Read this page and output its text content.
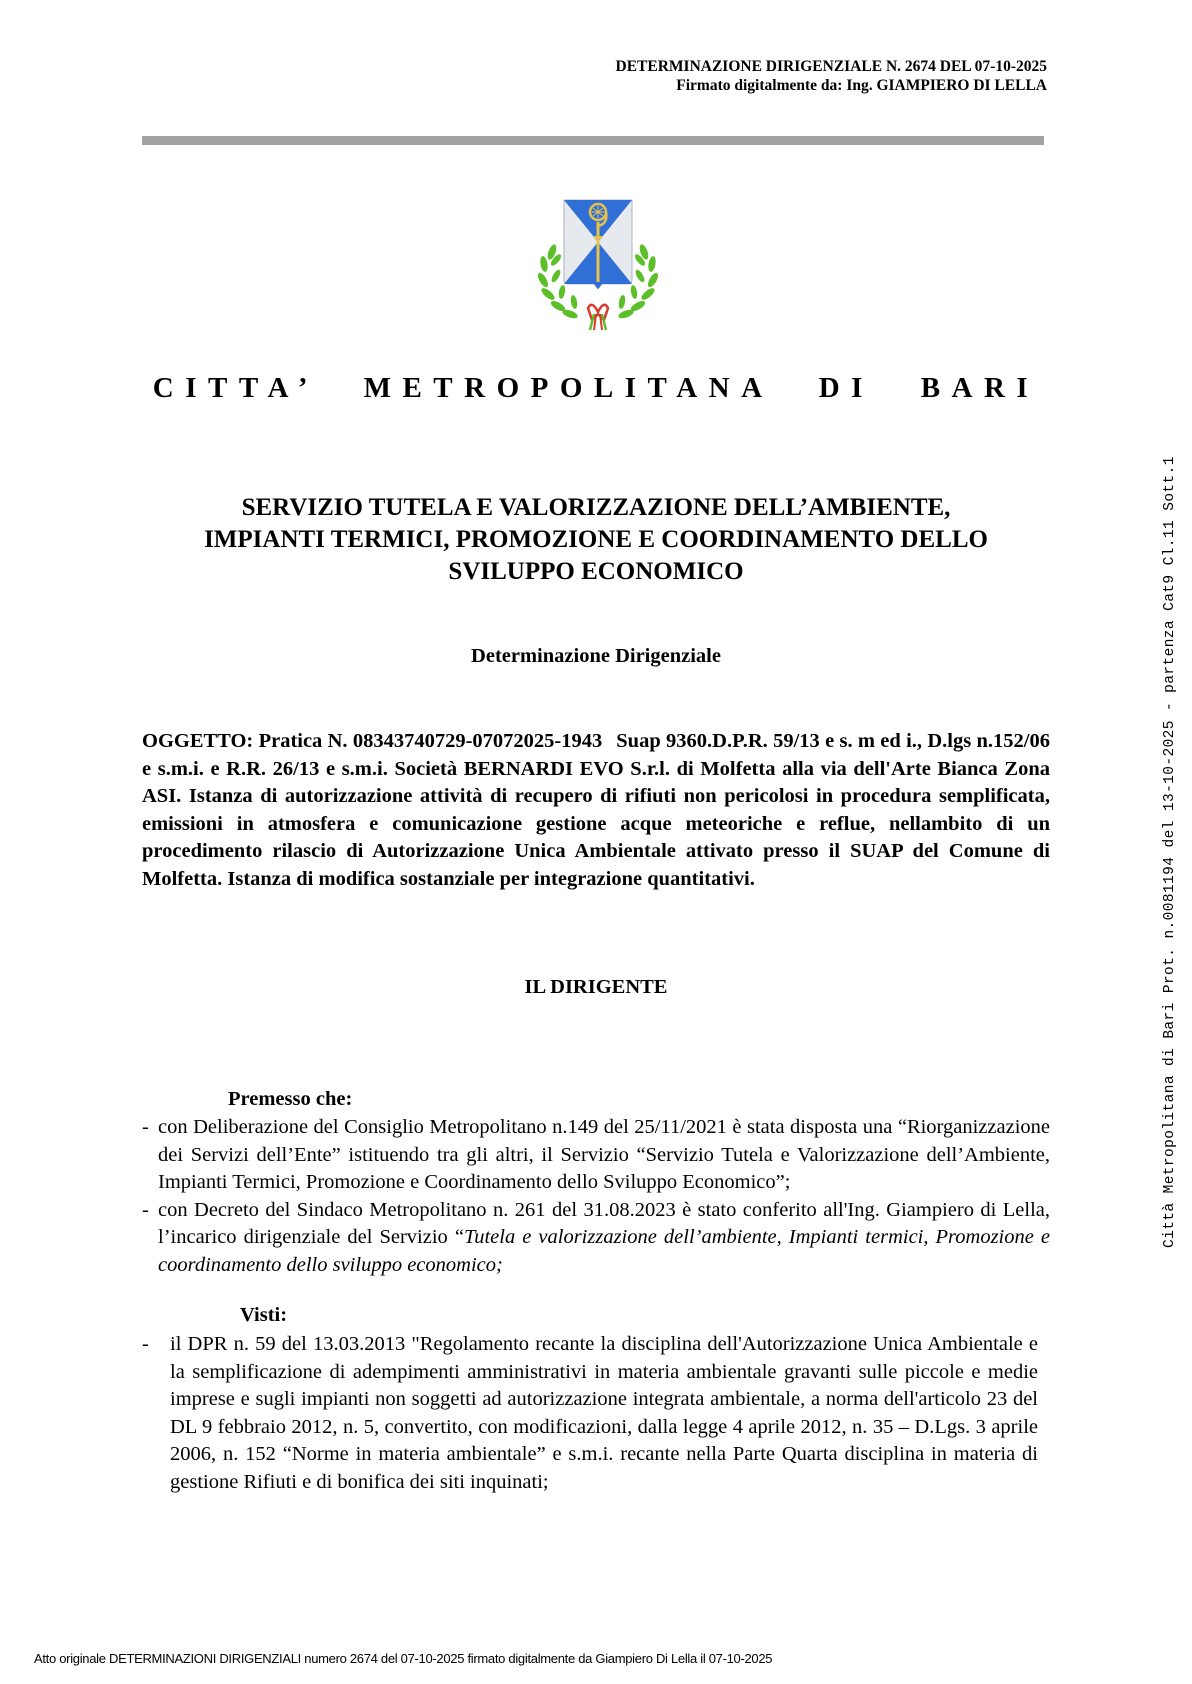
DETERMINAZIONE DIRIGENZIALE N. 2674 DEL 07-10-2025
Firmato digitalmente da: Ing. GIAMPIERO DI LELLA
CITTA’ METROPOLITANA DI BARI
SERVIZIO TUTELA E VALORIZZAZIONE DELL’AMBIENTE,
IMPIANTI TERMICI, PROMOZIONE E COORDINAMENTO DELLO
SVILUPPO ECONOMICO
Determinazione Dirigenziale
OGGETTO: Pratica N. 08343740729-07072025-1943 Suap 9360.D.P.R. 59/13 e s. m ed i., D.lgs n.152/06 e s.m.i. e R.R. 26/13 e s.m.i. Società BERNARDI EVO S.r.l. di Molfetta alla via dell'Arte Bianca Zona ASI. Istanza di autorizzazione attività di recupero di rifiuti non pericolosi in procedura semplificata, emissioni in atmosfera e comunicazione gestione acque meteoriche e reflue, nellambito di un procedimento rilascio di Autorizzazione Unica Ambientale attivato presso il SUAP del Comune di Molfetta. Istanza di modifica sostanziale per integrazione quantitativi.
IL DIRIGENTE
Premesso che:
- con Deliberazione del Consiglio Metropolitano n.149 del 25/11/2021 è stata disposta una “Riorganizzazione dei Servizi dell’Ente” istituendo tra gli altri, il Servizio “Servizio Tutela e Valorizzazione dell’Ambiente, Impianti Termici, Promozione e Coordinamento dello Sviluppo Economico”;
- con Decreto del Sindaco Metropolitano n. 261 del 31.08.2023 è stato conferito all'Ing. Giampiero di Lella, l’incarico dirigenziale del Servizio “Tutela e valorizzazione dell’ambiente, Impianti termici, Promozione e coordinamento dello sviluppo economico;
Visti:
- il DPR n. 59 del 13.03.2013 "Regolamento recante la disciplina dell'Autorizzazione Unica Ambientale e la semplificazione di adempimenti amministrativi in materia ambientale gravanti sulle piccole e medie imprese e sugli impianti non soggetti ad autorizzazione integrata ambientale, a norma dell'articolo 23 del DL 9 febbraio 2012, n. 5, convertito, con modificazioni, dalla legge 4 aprile 2012, n. 35 – D.Lgs. 3 aprile 2006, n. 152 “Norme in materia ambientale” e s.m.i. recante nella Parte Quarta disciplina in materia di gestione Rifiuti e di bonifica dei siti inquinati;
Città Metropolitana di Bari Prot. n.0081194 del 13-10-2025 - partenza Cat9 Cl.11 Sott.1
Atto originale DETERMINAZIONI DIRIGENZIALI numero 2674 del 07-10-2025 firmato digitalmente da Giampiero Di Lella il 07-10-2025
